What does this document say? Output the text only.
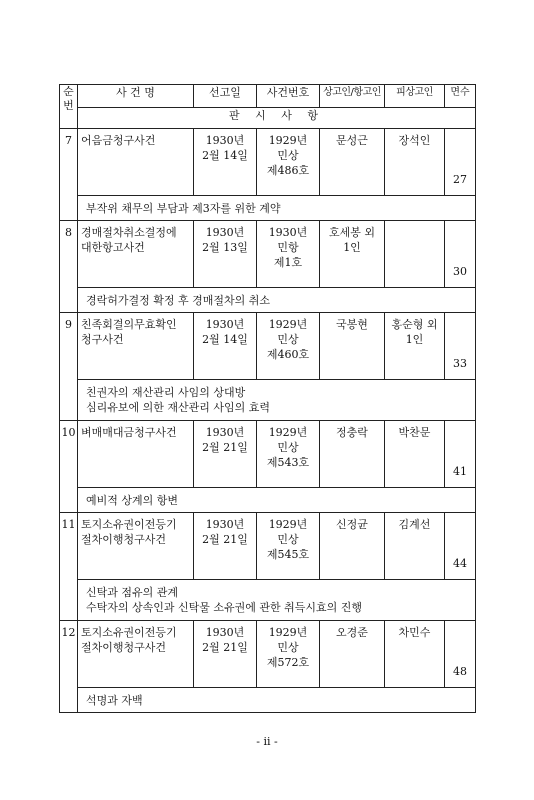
순
번	사 건 명	선고일	사건번호	상고인/항고인	피상고인	면수
	판 시 사 항					

7	어음금청구사건	1930년
2월 14일	1929년
민상
제486호	문성근	장석인	27

	부작위 채무의 부담과 제3자를 위한 계약					

8	경매절차취소결정에
대한항고사건	1930년
2월 13일	1930년
민항
제1호	호세봉 외
1인		30

	경락허가결정 확정 후 경매절차의 취소					

9	친족회결의무효확인
청구사건	1930년
2월 14일	1929년
민상
제460호	국봉현	홍순형 외
1인	33

	친권자의 재산관리 사임의 상대방
심리유보에 의한 재산관리 사임의 효력					

10	벼매매대금청구사건	1930년
2월 21일	1929년
민상
제543호	정충락	박찬문	41

	예비적 상계의 항변					

11	토지소유권이전등기
절차이행청구사건	1930년
2월 21일	1929년
민상
제545호	신정균	김계선	44

	신탁과 점유의 관계
수탁자의 상속인과 신탁물 소유권에 관한 취득시효의 진행					

12	토지소유권이전등기
절차이행청구사건	1930년
2월 21일	1929년
민상
제572호	오경준	차민수	48

	석명과 자백					
- ii -
